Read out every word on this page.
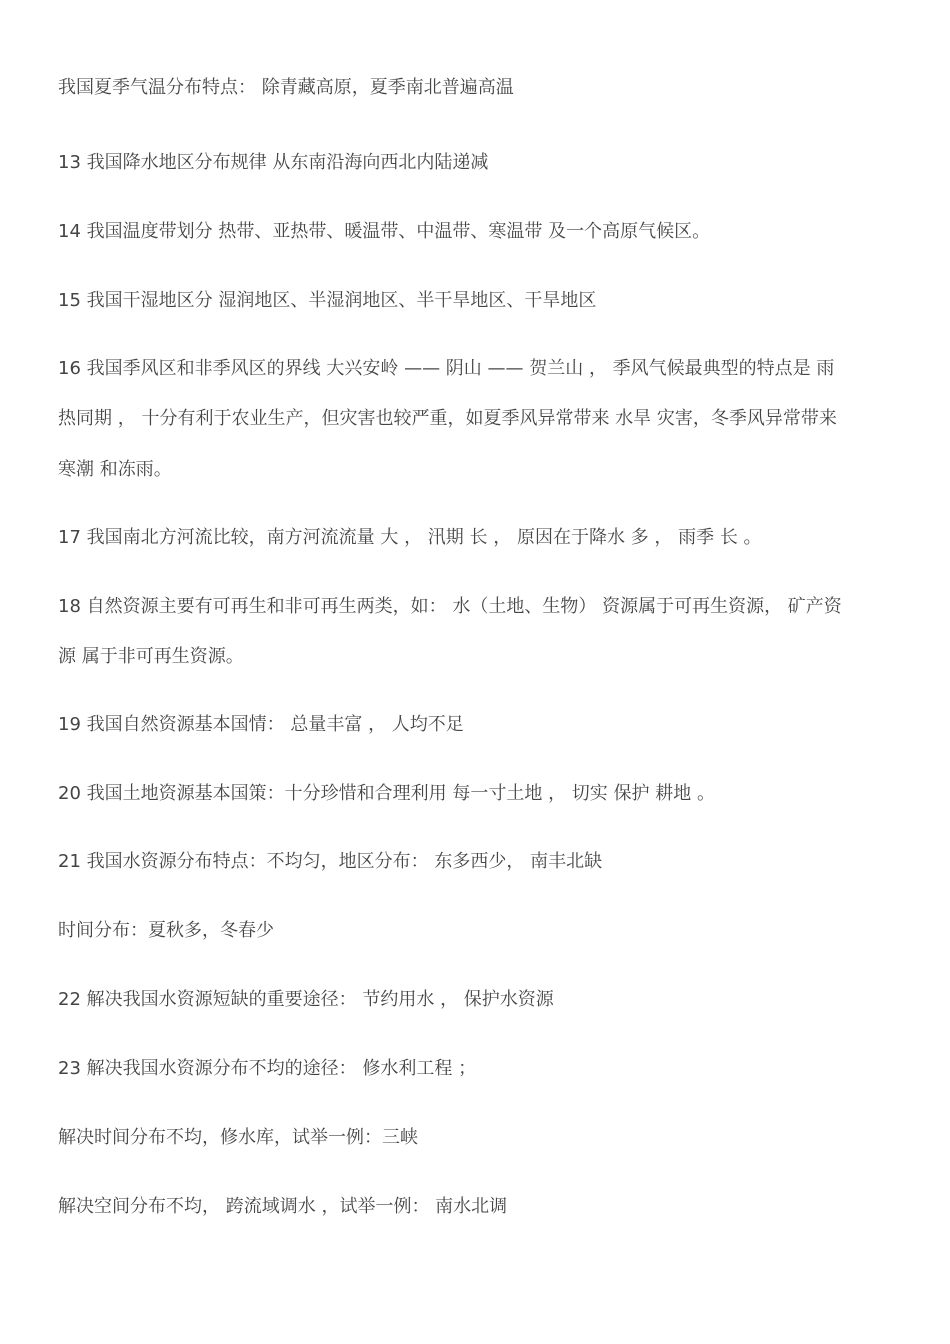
我国夏季气温分布特点： 除青藏高原，夏季南北普遍高温
13 我国降水地区分布规律 从东南沿海向西北内陆递减
14 我国温度带划分 热带、亚热带、暖温带、中温带、寒温带 及一个高原气候区。
15 我国干湿地区分 湿润地区、半湿润地区、半干旱地区、干旱地区
16 我国季风区和非季风区的界线 大兴安岭 —— 阴山 —— 贺兰山 ， 季风气候最典型的特点是 雨
热同期 ， 十分有利于农业生产，但灾害也较严重，如夏季风异常带来 水旱 灾害，冬季风异常带来
寒潮 和冻雨。
17 我国南北方河流比较，南方河流流量 大 ， 汛期 长 ， 原因在于降水 多 ， 雨季 长 。
18 自然资源主要有可再生和非可再生两类，如： 水（土地、生物） 资源属于可再生资源， 矿产资
源 属于非可再生资源。
19 我国自然资源基本国情： 总量丰富 ， 人均不足
20 我国土地资源基本国策：十分珍惜和合理利用 每一寸土地 ， 切实 保护 耕地 。
21 我国水资源分布特点：不均匀，地区分布： 东多西少， 南丰北缺
时间分布：夏秋多，冬春少
22 解决我国水资源短缺的重要途径： 节约用水 ， 保护水资源
23 解决我国水资源分布不均的途径： 修水利工程 ；
解决时间分布不均，修水库，试举一例：三峡
解决空间分布不均， 跨流域调水 ，试举一例： 南水北调
